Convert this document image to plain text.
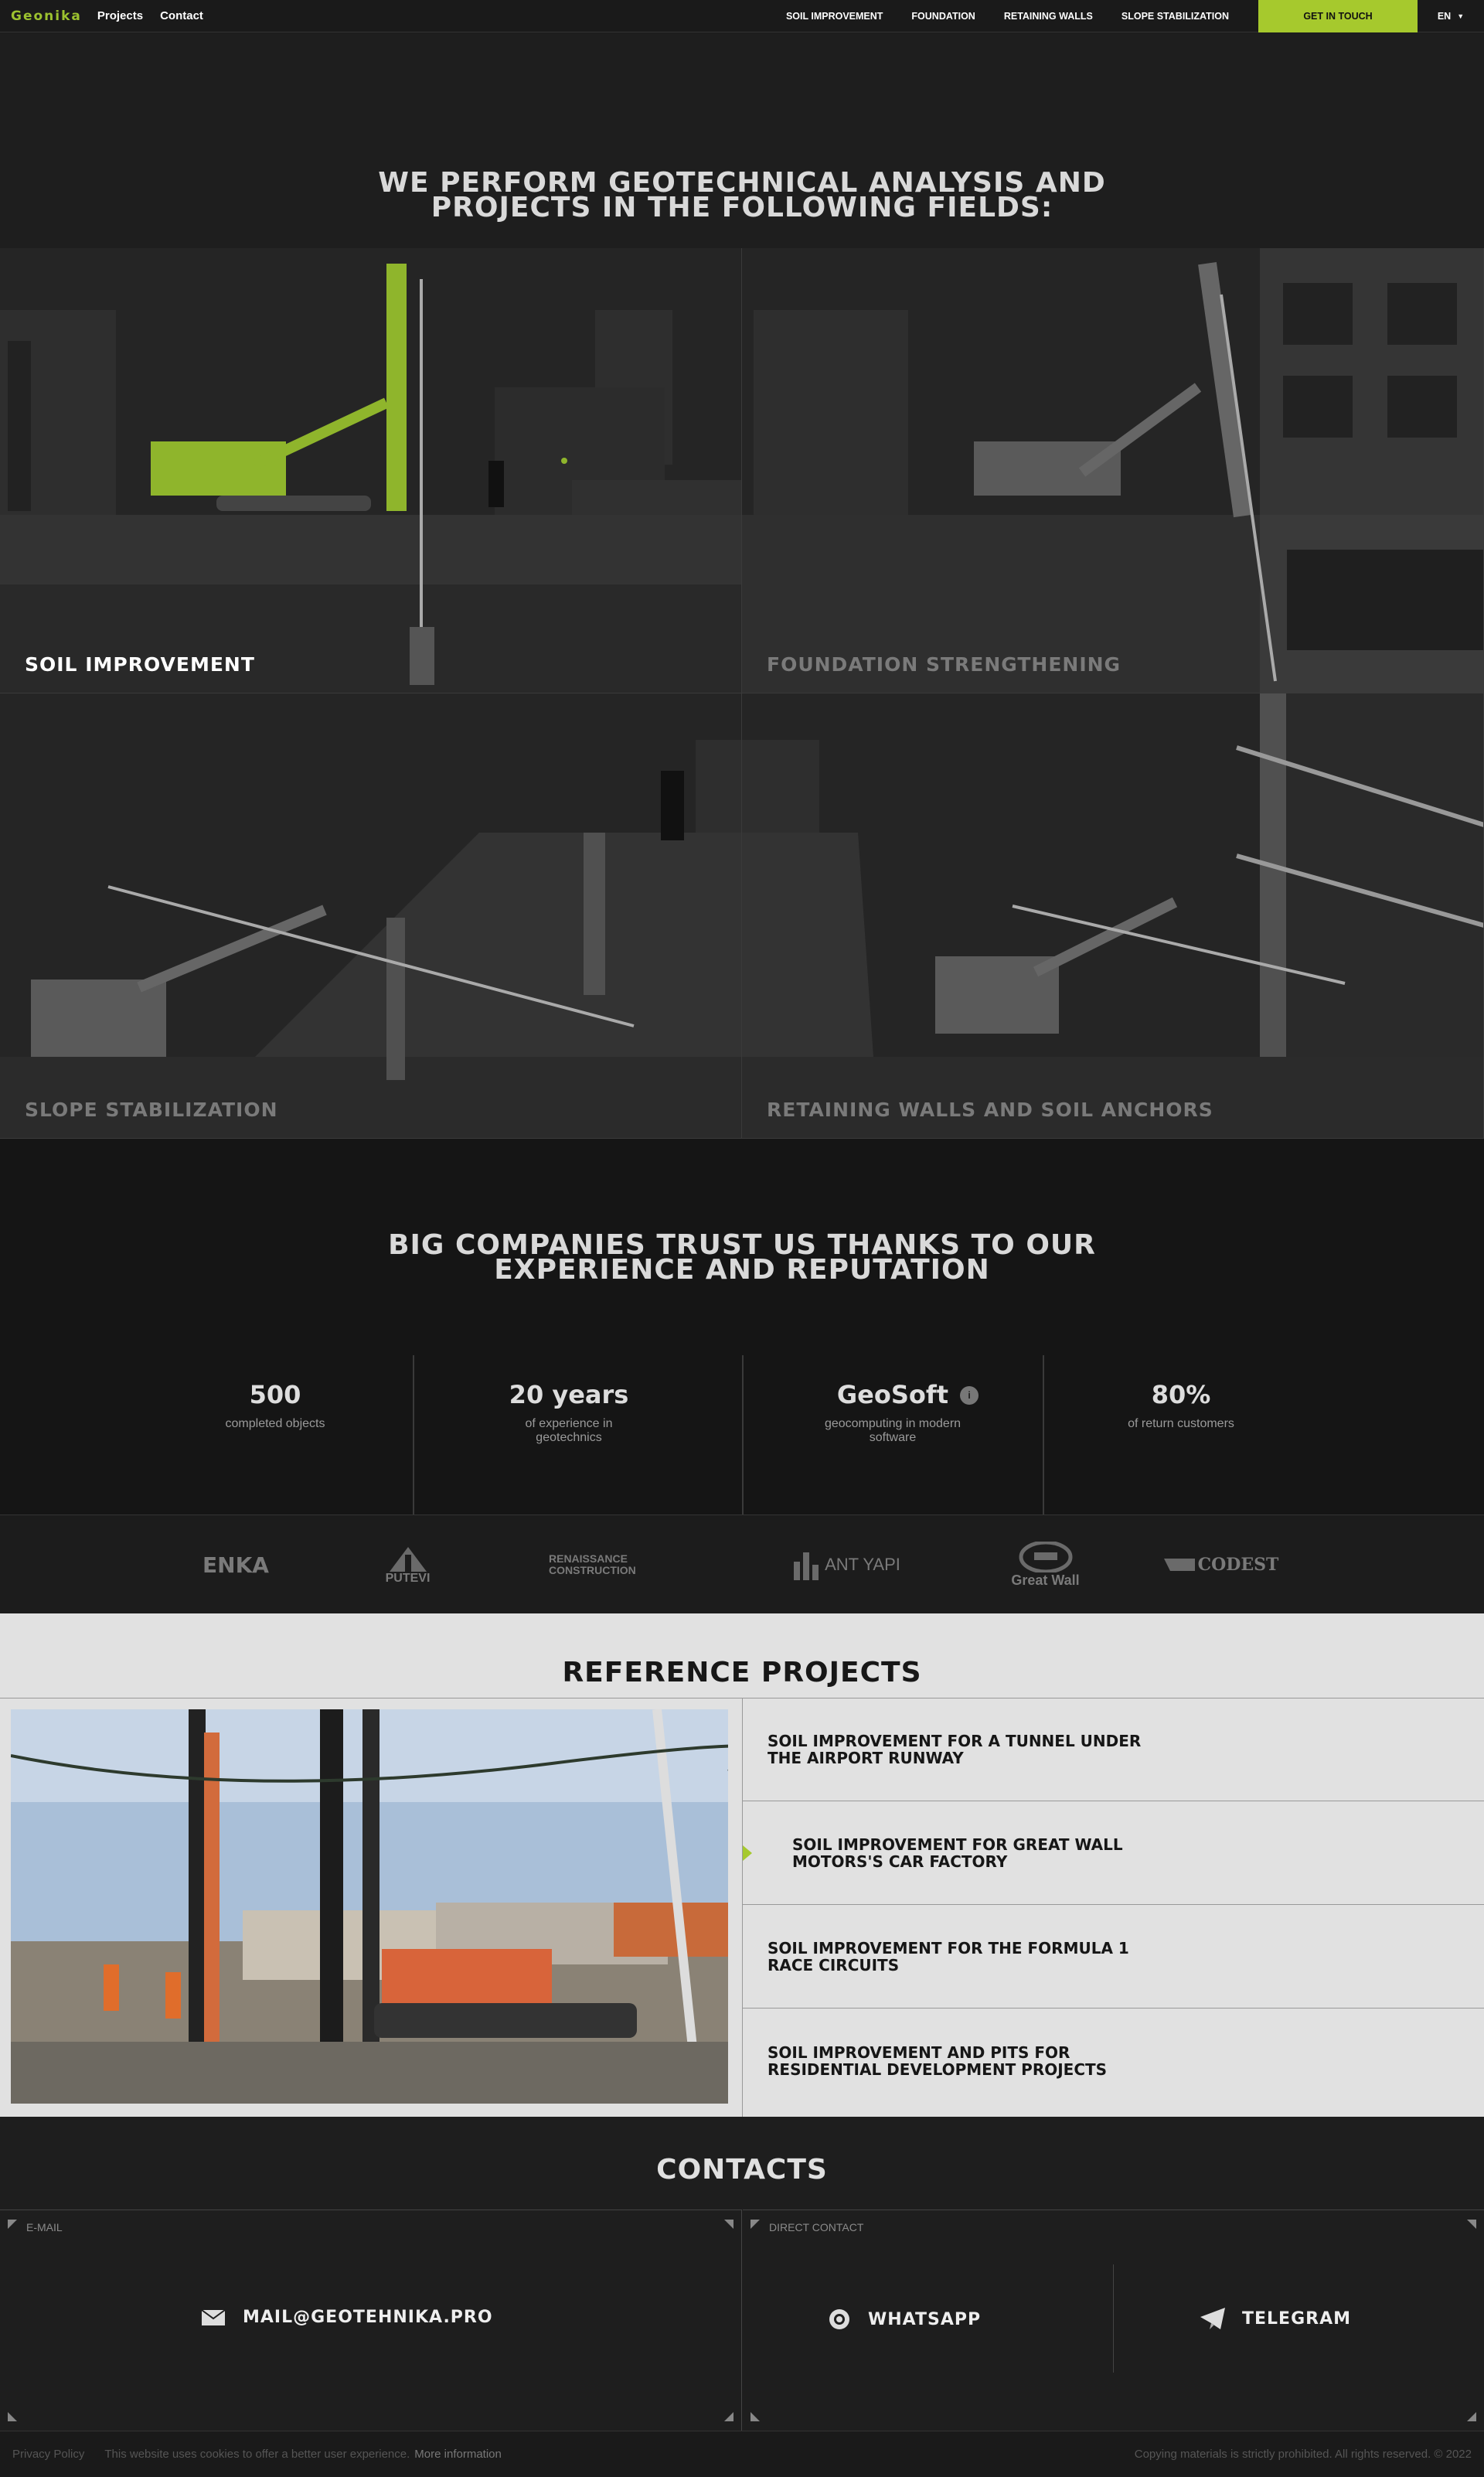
Geonika Projects Contact	SOIL IMPROVEMENT	FOUNDATION	RETAINING WALLS	SLOPE STABILIZATION	GET IN TOUCH	EN ▼
WE PERFORM GEOTECHNICAL ANALYSIS AND
PROJECTS IN THE FOLLOWING FIELDS:
SOIL IMPROVEMENT	FOUNDATION STRENGTHENING
SLOPE STABILIZATION	RETAINING WALLS AND SOIL ANCHORS
BIG COMPANIES TRUST US THANKS TO OUR
EXPERIENCE AND REPUTATION
500
completed objects
20 years
of experience in geotechnics
GeoSoft
geocomputing in modern software
i	80%
of return customers
ENKA
PUTEVI
RENAISSANCE CONSTRUCTION	ANT YAPI
Great Wall
CODEST
REFERENCE PROJECTS
SOIL IMPROVEMENT FOR A TUNNEL UNDER THE AIRPORT RUNWAY
SOIL IMPROVEMENT FOR GREAT WALL MOTORS'S CAR FACTORY
SOIL IMPROVEMENT FOR THE FORMULA 1 RACE CIRCUITS
SOIL IMPROVEMENT AND PITS FOR RESIDENTIAL DEVELOPMENT PROJECTS
CONTACTS
E-MAIL
MAIL@GEOTEHNIKA.PRO
DIRECT CONTACT
WHATSAPP	TELEGRAM
Privacy Policy This website uses cookies to offer a better user experience. More information	Copying materials is strictly prohibited. All rights reserved. © 2022
